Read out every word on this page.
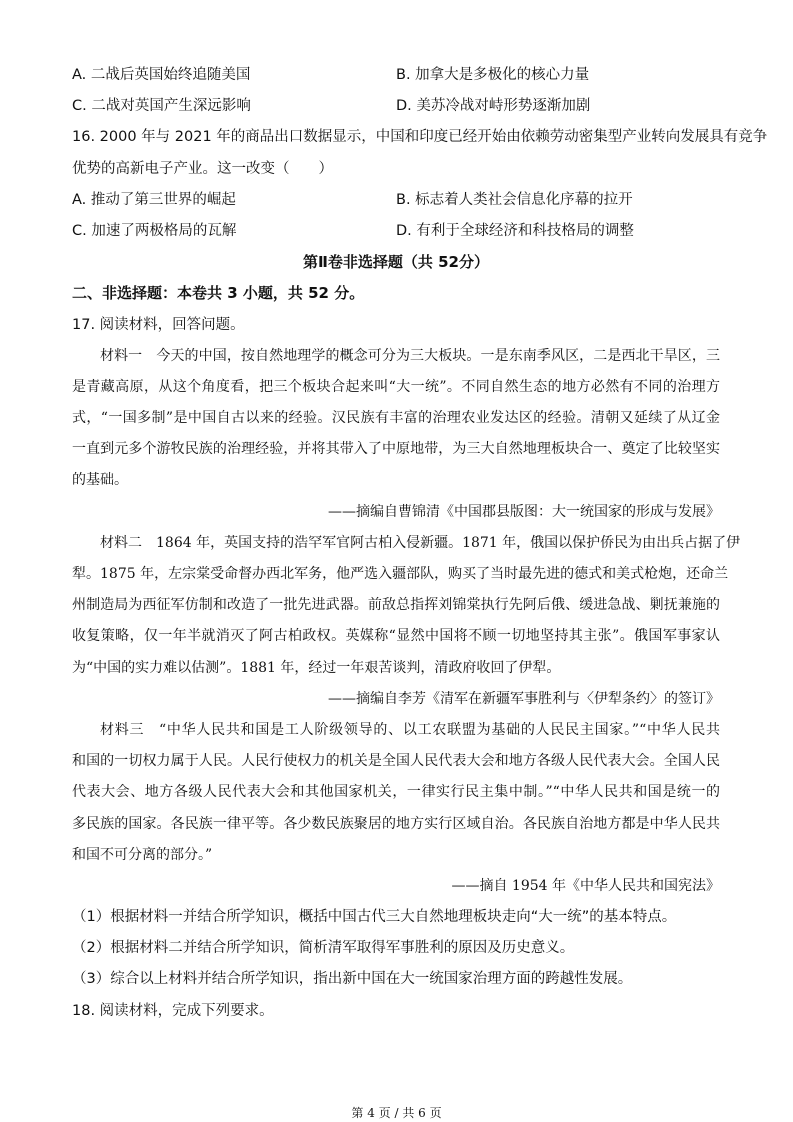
A. 二战后英国始终追随美国	B. 加拿大是多极化的核心力量
C. 二战对英国产生深远影响	D. 美苏冷战对峙形势逐渐加剧
16. 2000 年与 2021 年的商品出口数据显示，中国和印度已经开始由依赖劳动密集型产业转向发展具有竞争
优势的高新电子产业。这一改变（　　）
A. 推动了第三世界的崛起	B. 标志着人类社会信息化序幕的拉开
C. 加速了两极格局的瓦解	D. 有利于全球经济和科技格局的调整
第Ⅱ卷非选择题（共 52分）
二、非选择题：本卷共 3 小题，共 52 分。
17. 阅读材料，回答问题。
材料一　今天的中国，按自然地理学的概念可分为三大板块。一是东南季风区，二是西北干旱区，三
是青藏高原，从这个角度看，把三个板块合起来叫“大一统”。不同自然生态的地方必然有不同的治理方
式，“一国多制”是中国自古以来的经验。汉民族有丰富的治理农业发达区的经验。清朝又延续了从辽金
一直到元多个游牧民族的治理经验，并将其带入了中原地带，为三大自然地理板块合一、奠定了比较坚实
的基础。
——摘编自曹锦清《中国郡县版图：大一统国家的形成与发展》
材料二　1864 年，英国支持的浩罕军官阿古柏入侵新疆。1871 年，俄国以保护侨民为由出兵占据了伊
犁。1875 年，左宗棠受命督办西北军务，他严选入疆部队，购买了当时最先进的德式和美式枪炮，还命兰
州制造局为西征军仿制和改造了一批先进武器。前敌总指挥刘锦棠执行先阿后俄、缓进急战、剿抚兼施的
收复策略，仅一年半就消灭了阿古柏政权。英媒称“显然中国将不顾一切地坚持其主张”。俄国军事家认
为“中国的实力难以估测”。1881 年，经过一年艰苦谈判，清政府收回了伊犁。
——摘编自李芳《清军在新疆军事胜利与〈伊犁条约〉的签订》
材料三　“中华人民共和国是工人阶级领导的、以工农联盟为基础的人民民主国家。”“中华人民共
和国的一切权力属于人民。人民行使权力的机关是全国人民代表大会和地方各级人民代表大会。全国人民
代表大会、地方各级人民代表大会和其他国家机关，一律实行民主集中制。”“中华人民共和国是统一的
多民族的国家。各民族一律平等。各少数民族聚居的地方实行区域自治。各民族自治地方都是中华人民共
和国不可分离的部分。”
——摘自 1954 年《中华人民共和国宪法》
（1）根据材料一并结合所学知识，概括中国古代三大自然地理板块走向“大一统”的基本特点。
（2）根据材料二并结合所学知识，简析清军取得军事胜利的原因及历史意义。
（3）综合以上材料并结合所学知识，指出新中国在大一统国家治理方面的跨越性发展。
18. 阅读材料，完成下列要求。
第 4 页 / 共 6 页
